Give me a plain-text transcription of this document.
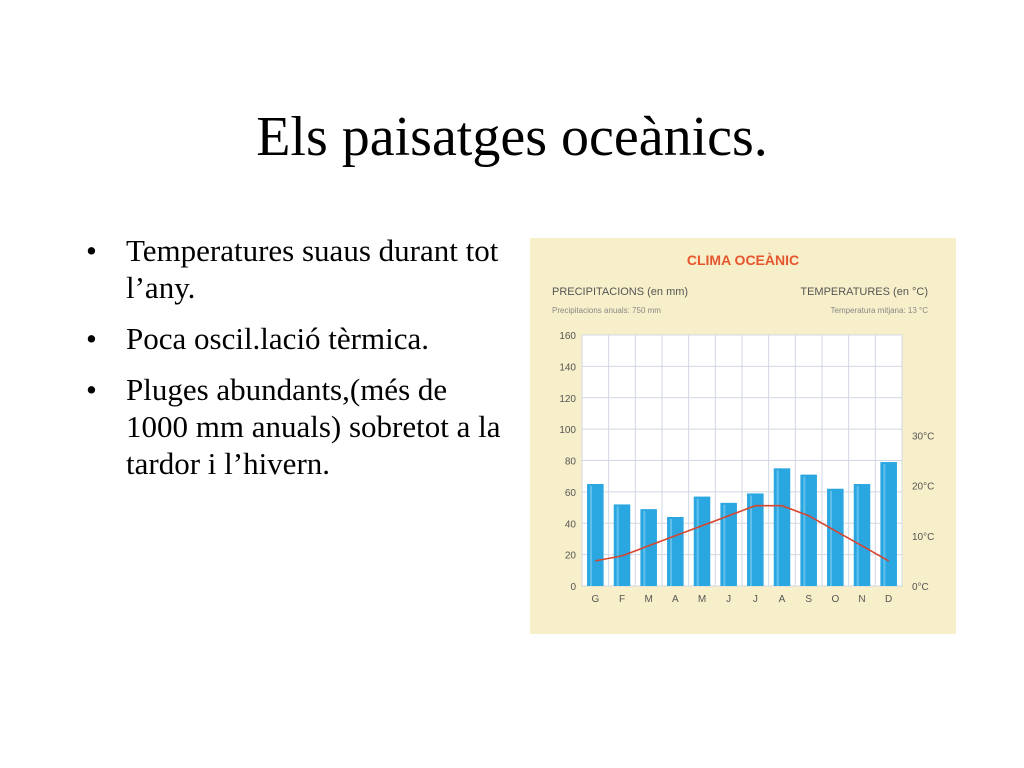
Els paisatges oceànics.
• Temperatures suaus durant tot l’any.
• Poca oscil.lació tèrmica.
• Pluges abundants,(més de 1000 mm anuals) sobretot a la tardor i l’hivern.
CLIMA OCEÀNIC
PRECIPITACIONS (en mm)
Precipitacions anuals: 750 mm
TEMPERATURES (en °C)
Temperatura mitjana: 13 °C
0
20
40
60
80
100
120
140
160
G F M A M J J A S O N D
0°C
10°C
20°C
30°C
